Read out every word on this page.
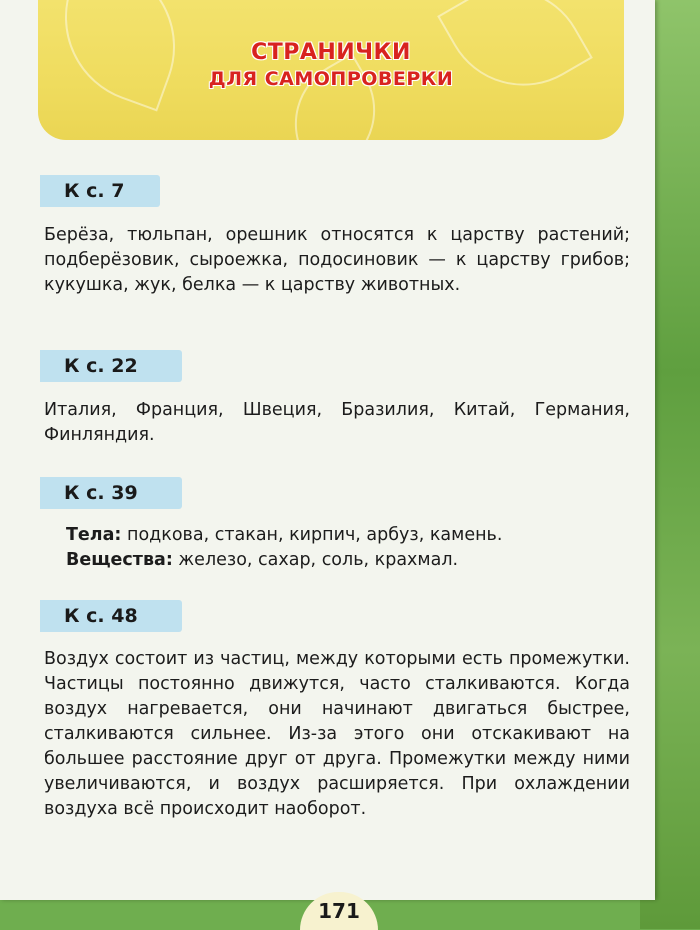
СТРАНИЧКИ
ДЛЯ САМОПРОВЕРКИ
К с. 7
Берёза, тюльпан, орешник относятся к царству растений; подберёзовик, сыроежка, подосиновик — к царству грибов; кукушка, жук, белка — к царству животных.
К с. 22
Италия, Франция, Швеция, Бразилия, Китай, Германия, Финляндия.
К с. 39
Тела: подкова, стакан, кирпич, арбуз, камень.
Вещества: железо, сахар, соль, крахмал.
К с. 48
Воздух состоит из частиц, между которыми есть промежутки. Частицы постоянно движутся, часто сталкиваются. Когда воздух нагревается, они начинают двигаться быстрее, сталкиваются сильнее. Из-за этого они отскакивают на большее расстояние друг от друга. Промежутки между ними увеличиваются, и воздух расширяется. При охлаждении воздуха всё происходит наоборот.
171
